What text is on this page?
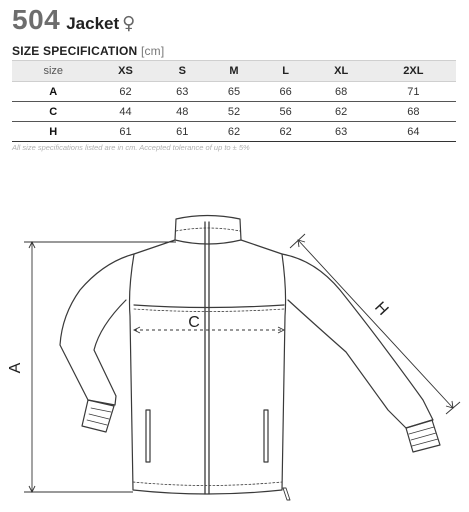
504 Jacket ♀
SIZE SPECIFICATION [cm]
size	XS	S	M	L	XL	2XL
A	62	63	65	66	68	71
C	44	48	52	56	62	68
H	61	61	62	62	63	64
All size specifications listed are in cm. Accepted tolerance of up to ± 5%
A
C
H
